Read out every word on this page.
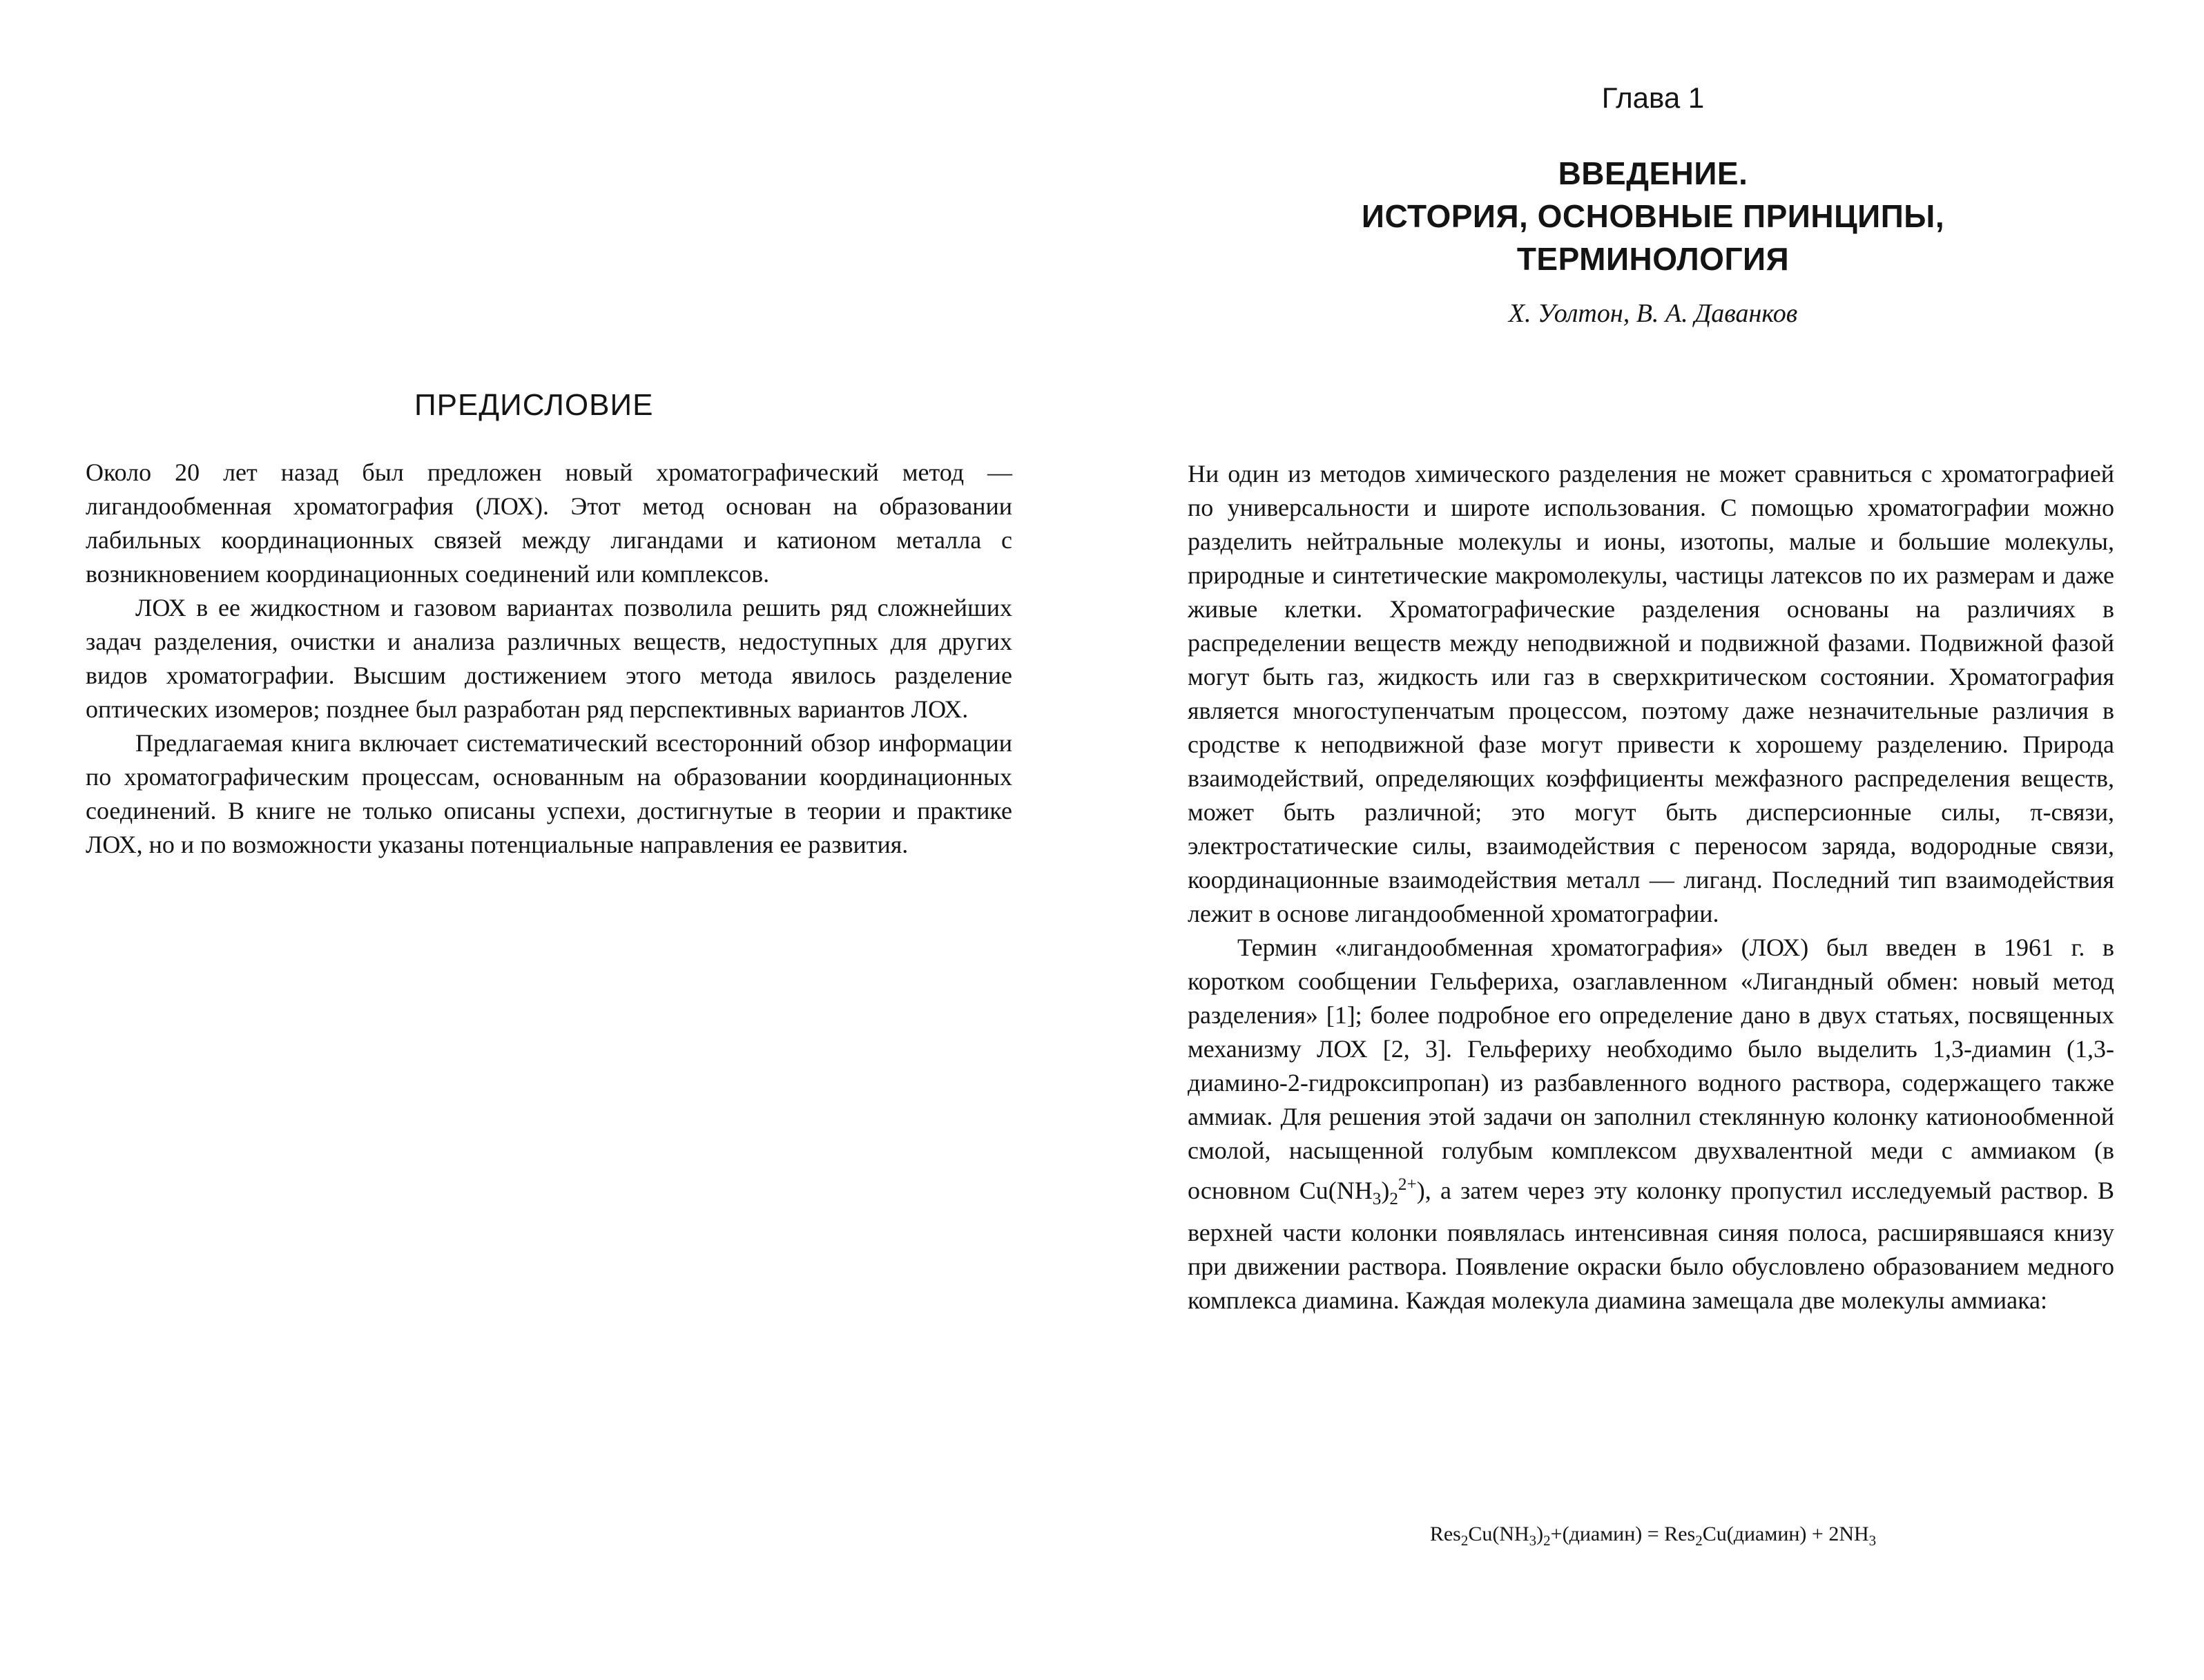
ПРЕДИСЛОВИЕ

Около 20 лет назад был предложен новый хроматографический метод — лигандообменная хроматография (ЛОХ). Этот метод основан на образовании лабильных координационных связей между лигандами и катионом металла с возникновением координационных соединений или комплексов.

ЛОХ в ее жидкостном и газовом вариантах позволила решить ряд сложнейших задач разделения, очистки и анализа различных веществ, недоступных для других видов хроматографии. Высшим достижением этого метода явилось разделение оптических изомеров; позднее был разработан ряд перспективных вариантов ЛОХ.

Предлагаемая книга включает систематический всесторонний обзор информации по хроматографическим процессам, основанным на образовании координационных соединений. В книге не только описаны успехи, достигнутые в теории и практике ЛОХ, но и по возможности указаны потенциальные направления ее развития.

Глава 1
ВВЕДЕНИЕ.
ИСТОРИЯ, ОСНОВНЫЕ ПРИНЦИПЫ,
ТЕРМИНОЛОГИЯ

Х. Уолтон, В. А. Даванков

Ни один из методов химического разделения не может сравниться с хроматографией по универсальности и широте использования. С помощью хроматографии можно разделить нейтральные молекулы и ионы, изотопы, малые и большие молекулы, природные и синтетические макромолекулы, частицы латексов по их размерам и даже живые клетки. Хроматографические разделения основаны на различиях в распределении веществ между неподвижной и подвижной фазами. Подвижной фазой могут быть газ, жидкость или газ в сверхкритическом состоянии. Хроматография является многоступенчатым процессом, поэтому даже незначительные различия в сродстве к неподвижной фазе могут привести к хорошему разделению. Природа взаимодействий, определяющих коэффициенты межфазного распределения веществ, может быть различной; это могут быть дисперсионные силы, π-связи, электростатические силы, взаимодействия с переносом заряда, водородные связи, координационные взаимодействия металл — лиганд. Последний тип взаимодействия лежит в основе лигандообменной хроматографии.

Термин «лигандообменная хроматография» (ЛОХ) был введен в 1961 г. в коротком сообщении Гельфериха, озаглавленном «Лигандный обмен: новый метод разделения» [1]; более подробное его определение дано в двух статьях, посвященных механизму ЛОХ [2, 3]. Гельфериху необходимо было выделить 1,3-диамин (1,3-диамино-2-гидроксипропан) из разбавленного водного раствора, содержащего также аммиак. Для решения этой задачи он заполнил стеклянную колонку катионообменной смолой, насыщенной голубым комплексом двухвалентной меди с аммиаком (в основном $Cu(NH_3)_2^{2+}$), а затем через эту колонку пропустил исследуемый раствор. В верхней части колонки появлялась интенсивная синяя полоса, расширявшаяся книзу при движении раствора. Появление окраски было обусловлено образованием медного комплекса диамина. Каждая молекула диамина замещала две молекулы аммиака:

$Res_2Cu(NH_3)_2+(диамин)$ = Res$_2$Cu(диамин) + $2NH_3$
